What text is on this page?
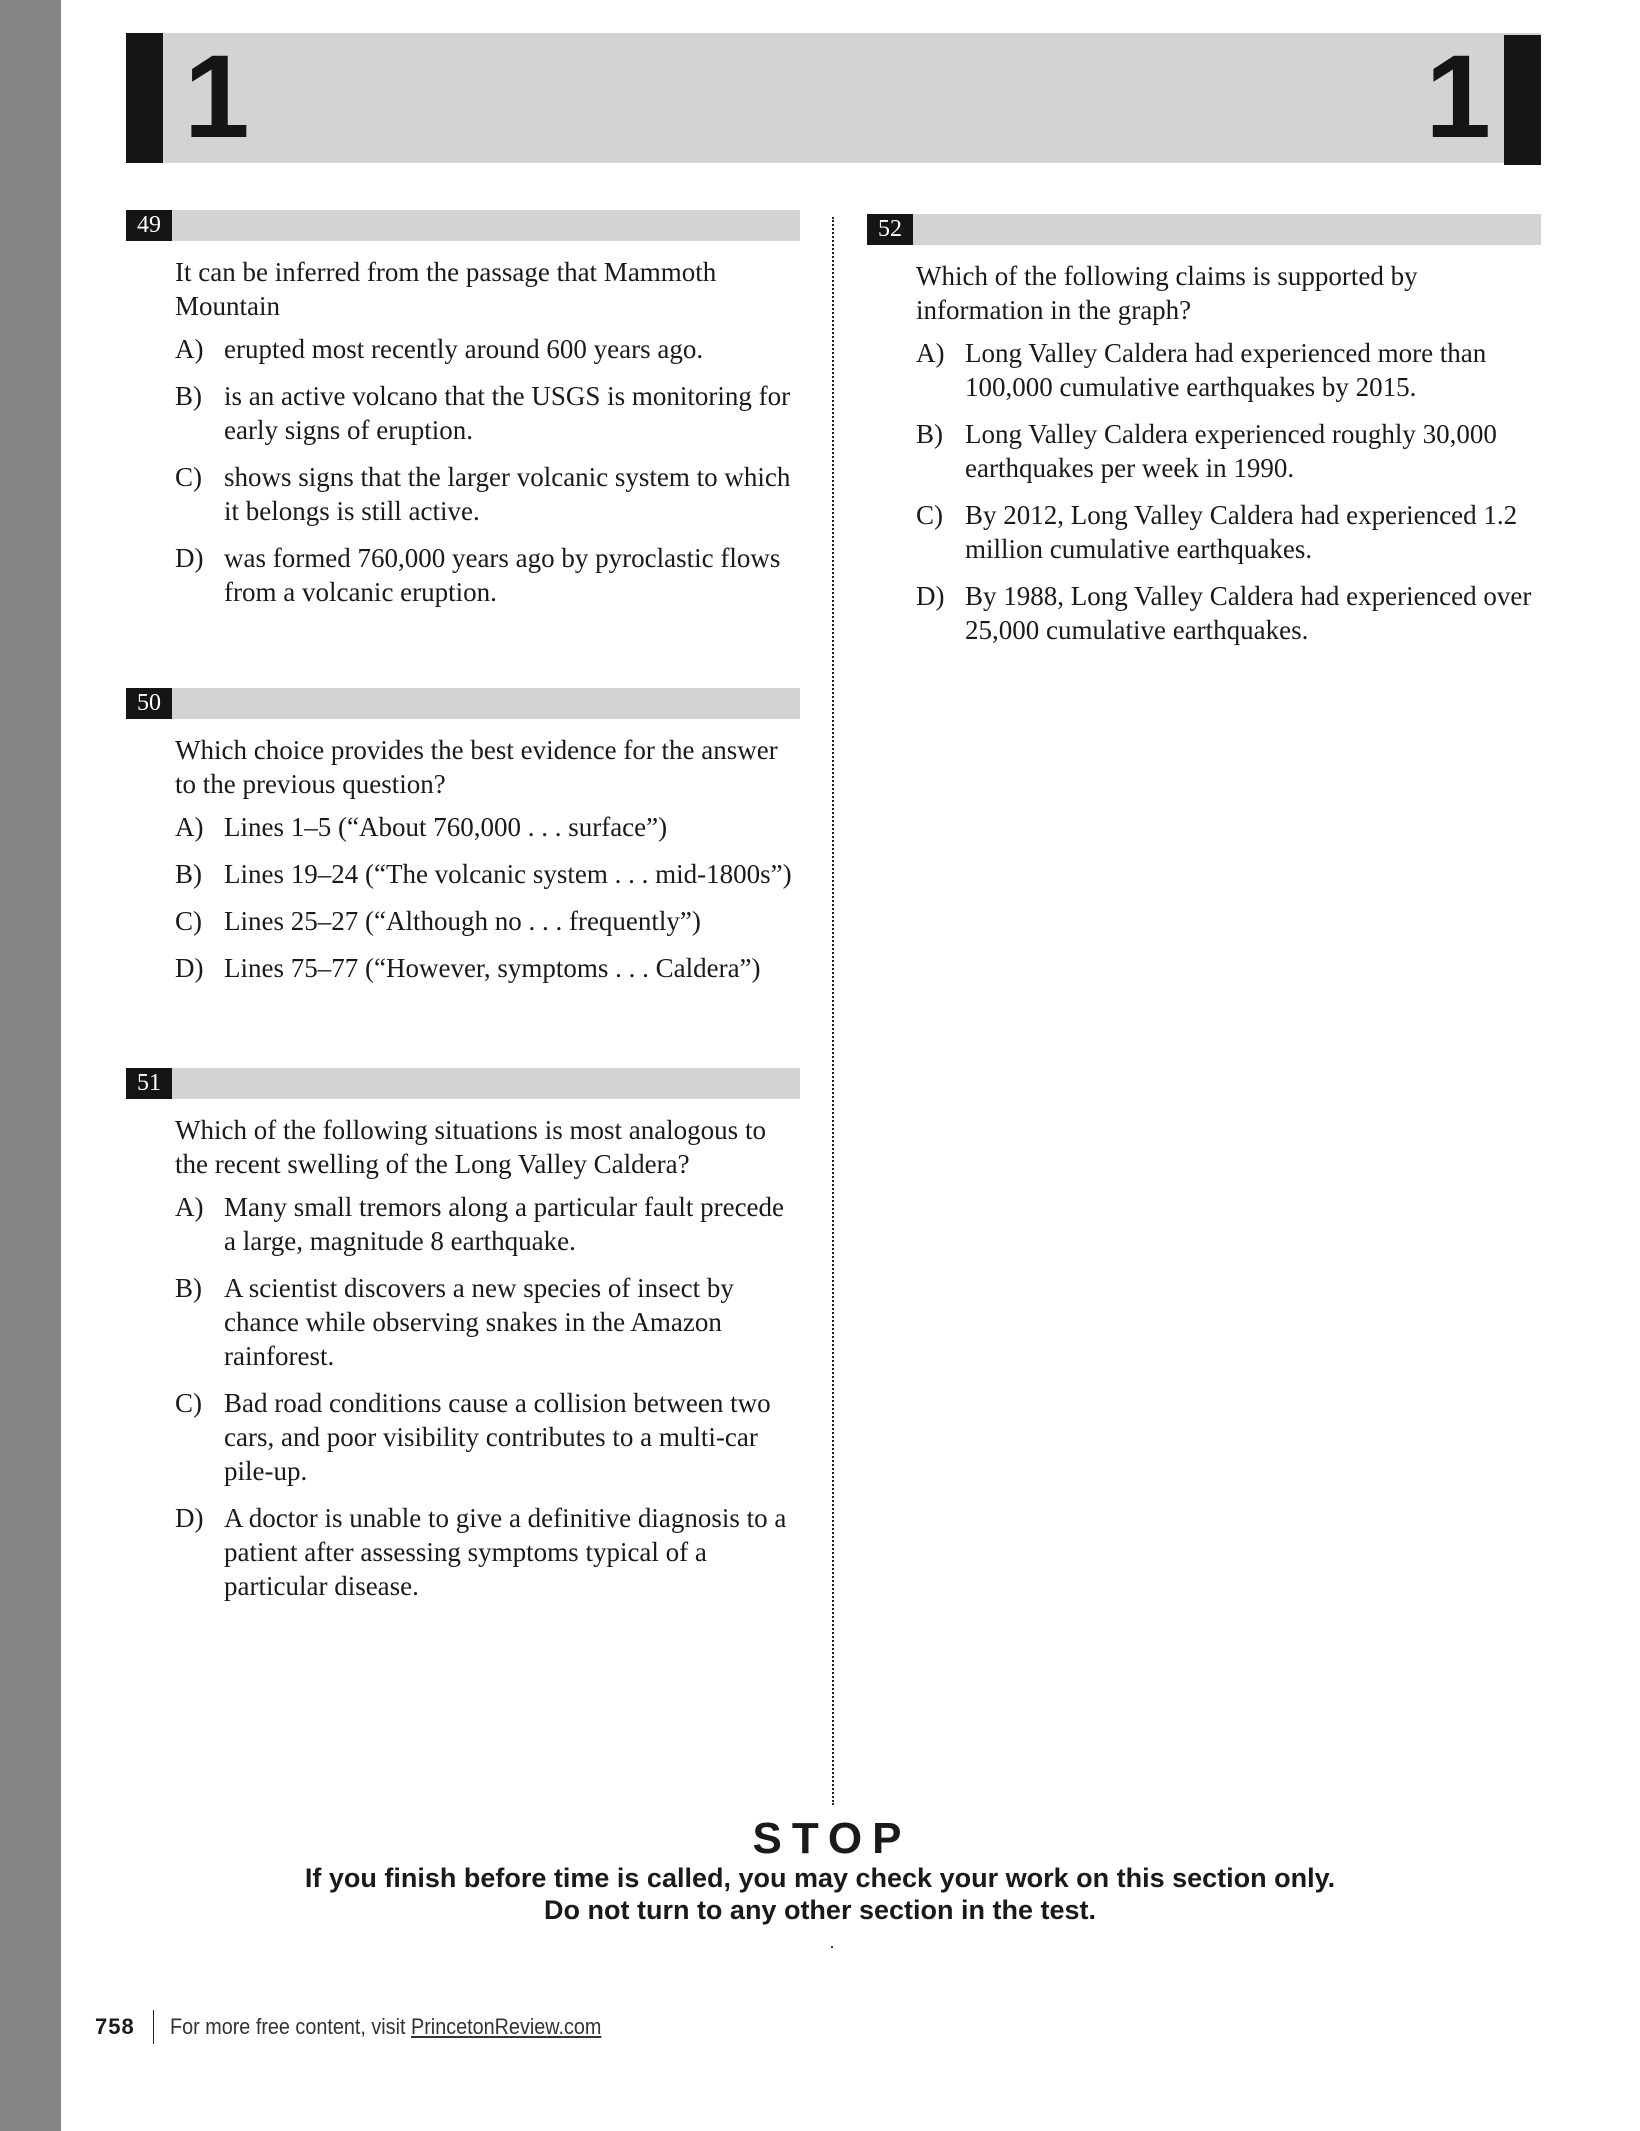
1	1
49
It can be inferred from the passage that Mammoth Mountain
A) erupted most recently around 600 years ago.
B) is an active volcano that the USGS is monitoring for early signs of eruption.
C) shows signs that the larger volcanic system to which it belongs is still active.
D) was formed 760,000 years ago by pyroclastic flows from a volcanic eruption.
50
Which choice provides the best evidence for the answer to the previous question?
A) Lines 1–5 (“About 760,000 . . . surface”)
B) Lines 19–24 (“The volcanic system . . . mid-1800s”)
C) Lines 25–27 (“Although no . . . frequently”)
D) Lines 75–77 (“However, symptoms . . . Caldera”)
51
Which of the following situations is most analogous to the recent swelling of the Long Valley Caldera?
A) Many small tremors along a particular fault precede a large, magnitude 8 earthquake.
B) A scientist discovers a new species of insect by chance while observing snakes in the Amazon rainforest.
C) Bad road conditions cause a collision between two cars, and poor visibility contributes to a multi-car pile-up.
D) A doctor is unable to give a definitive diagnosis to a patient after assessing symptoms typical of a particular disease.
52
Which of the following claims is supported by information in the graph?
A) Long Valley Caldera had experienced more than 100,000 cumulative earthquakes by 2015.
B) Long Valley Caldera experienced roughly 30,000 earthquakes per week in 1990.
C) By 2012, Long Valley Caldera had experienced 1.2 million cumulative earthquakes.
D) By 1988, Long Valley Caldera had experienced over 25,000 cumulative earthquakes.
STOP
If you finish before time is called, you may check your work on this section only.
Do not turn to any other section in the test.
758 For more free content, visit PrincetonReview.com
